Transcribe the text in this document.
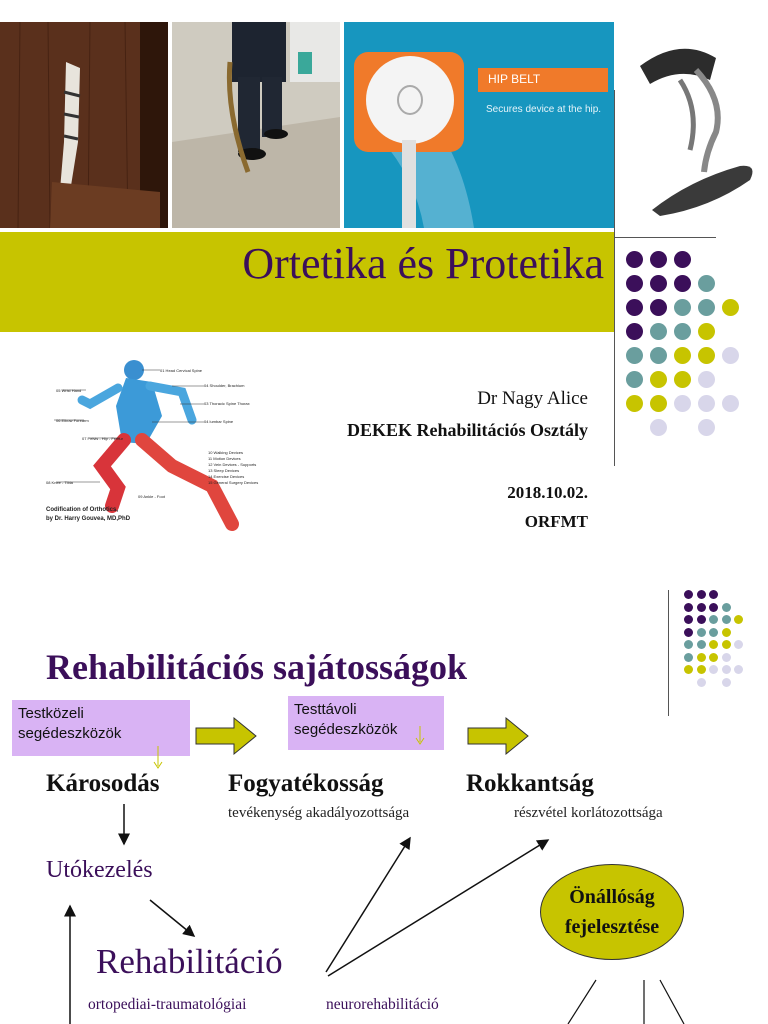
HIP BELT
Secures device at the hip.
Ortetika és Protetika
01 Head Cervical Spine
04 Shoulder, Brachium
03 Thoracic Spine Thorax
04 lumbar Spine
05 Wrist Hand
06 Elbow Forearm
07 Pelvis - Hip - Femur
08 Knee - Tibia
09 Ankle - Foot
10 Walking Devices
11 Motion Devices
12 Vein Devices - Supports
13 Sleep Devices
14 Exercise Devices
15 General Surgery Devices
Codification of Orthotics,
by Dr. Harry Gouvea, MD,PhD
Dr Nagy Alice
DEKEK Rehabilitációs Osztály
2018.10.02.
ORFMT
Rehabilitációs sajátosságok
Testközeli
segédeszközök
Testtávoli
segédeszközök
Károsodás	Fogyatékosság	Rokkantság
tevékenység akadályozottsága	részvétel korlátozottsága
Utókezelés
Rehabilitáció
ortopediai-traumatológiai	neurorehabilitáció
Önállóság
fejelesztése
